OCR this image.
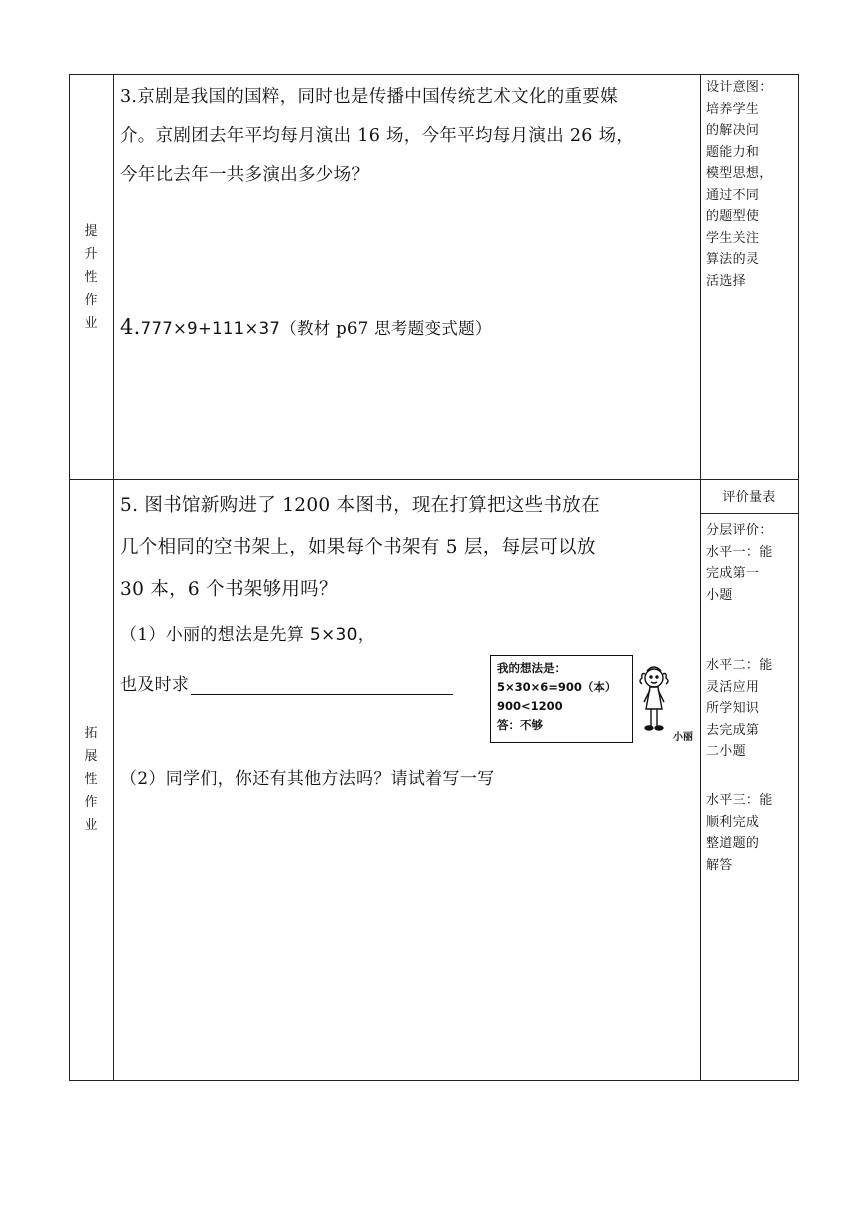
提
升
性
作
业
3.京剧是我国的国粹，同时也是传播中国传统艺术文化的重要媒
介。京剧团去年平均每月演出 16 场，今年平均每月演出 26 场，
今年比去年一共多演出多少场？
4.777×9+111×37（教材 p67 思考题变式题）
设计意图：
培养学生
的解决问
题能力和
模型思想，
通过不同
的题型使
学生关注
算法的灵
活选择
拓
展
性
作
业
5. 图书馆新购进了 1200 本图书，现在打算把这些书放在
几个相同的空书架上，如果每个书架有 5 层，每层可以放
30 本，6 个书架够用吗？
（1）小丽的想法是先算 5×30，
也及时求
我的想法是：
5×30×6=900（本）
900<1200
答：不够
小丽
（2）同学们，你还有其他方法吗？请试着写一写
评价量表
分层评价：
水平一：能
完成第一
小题
水平二：能
灵活应用
所学知识
去完成第
二小题
水平三：能
顺利完成
整道题的
解答
